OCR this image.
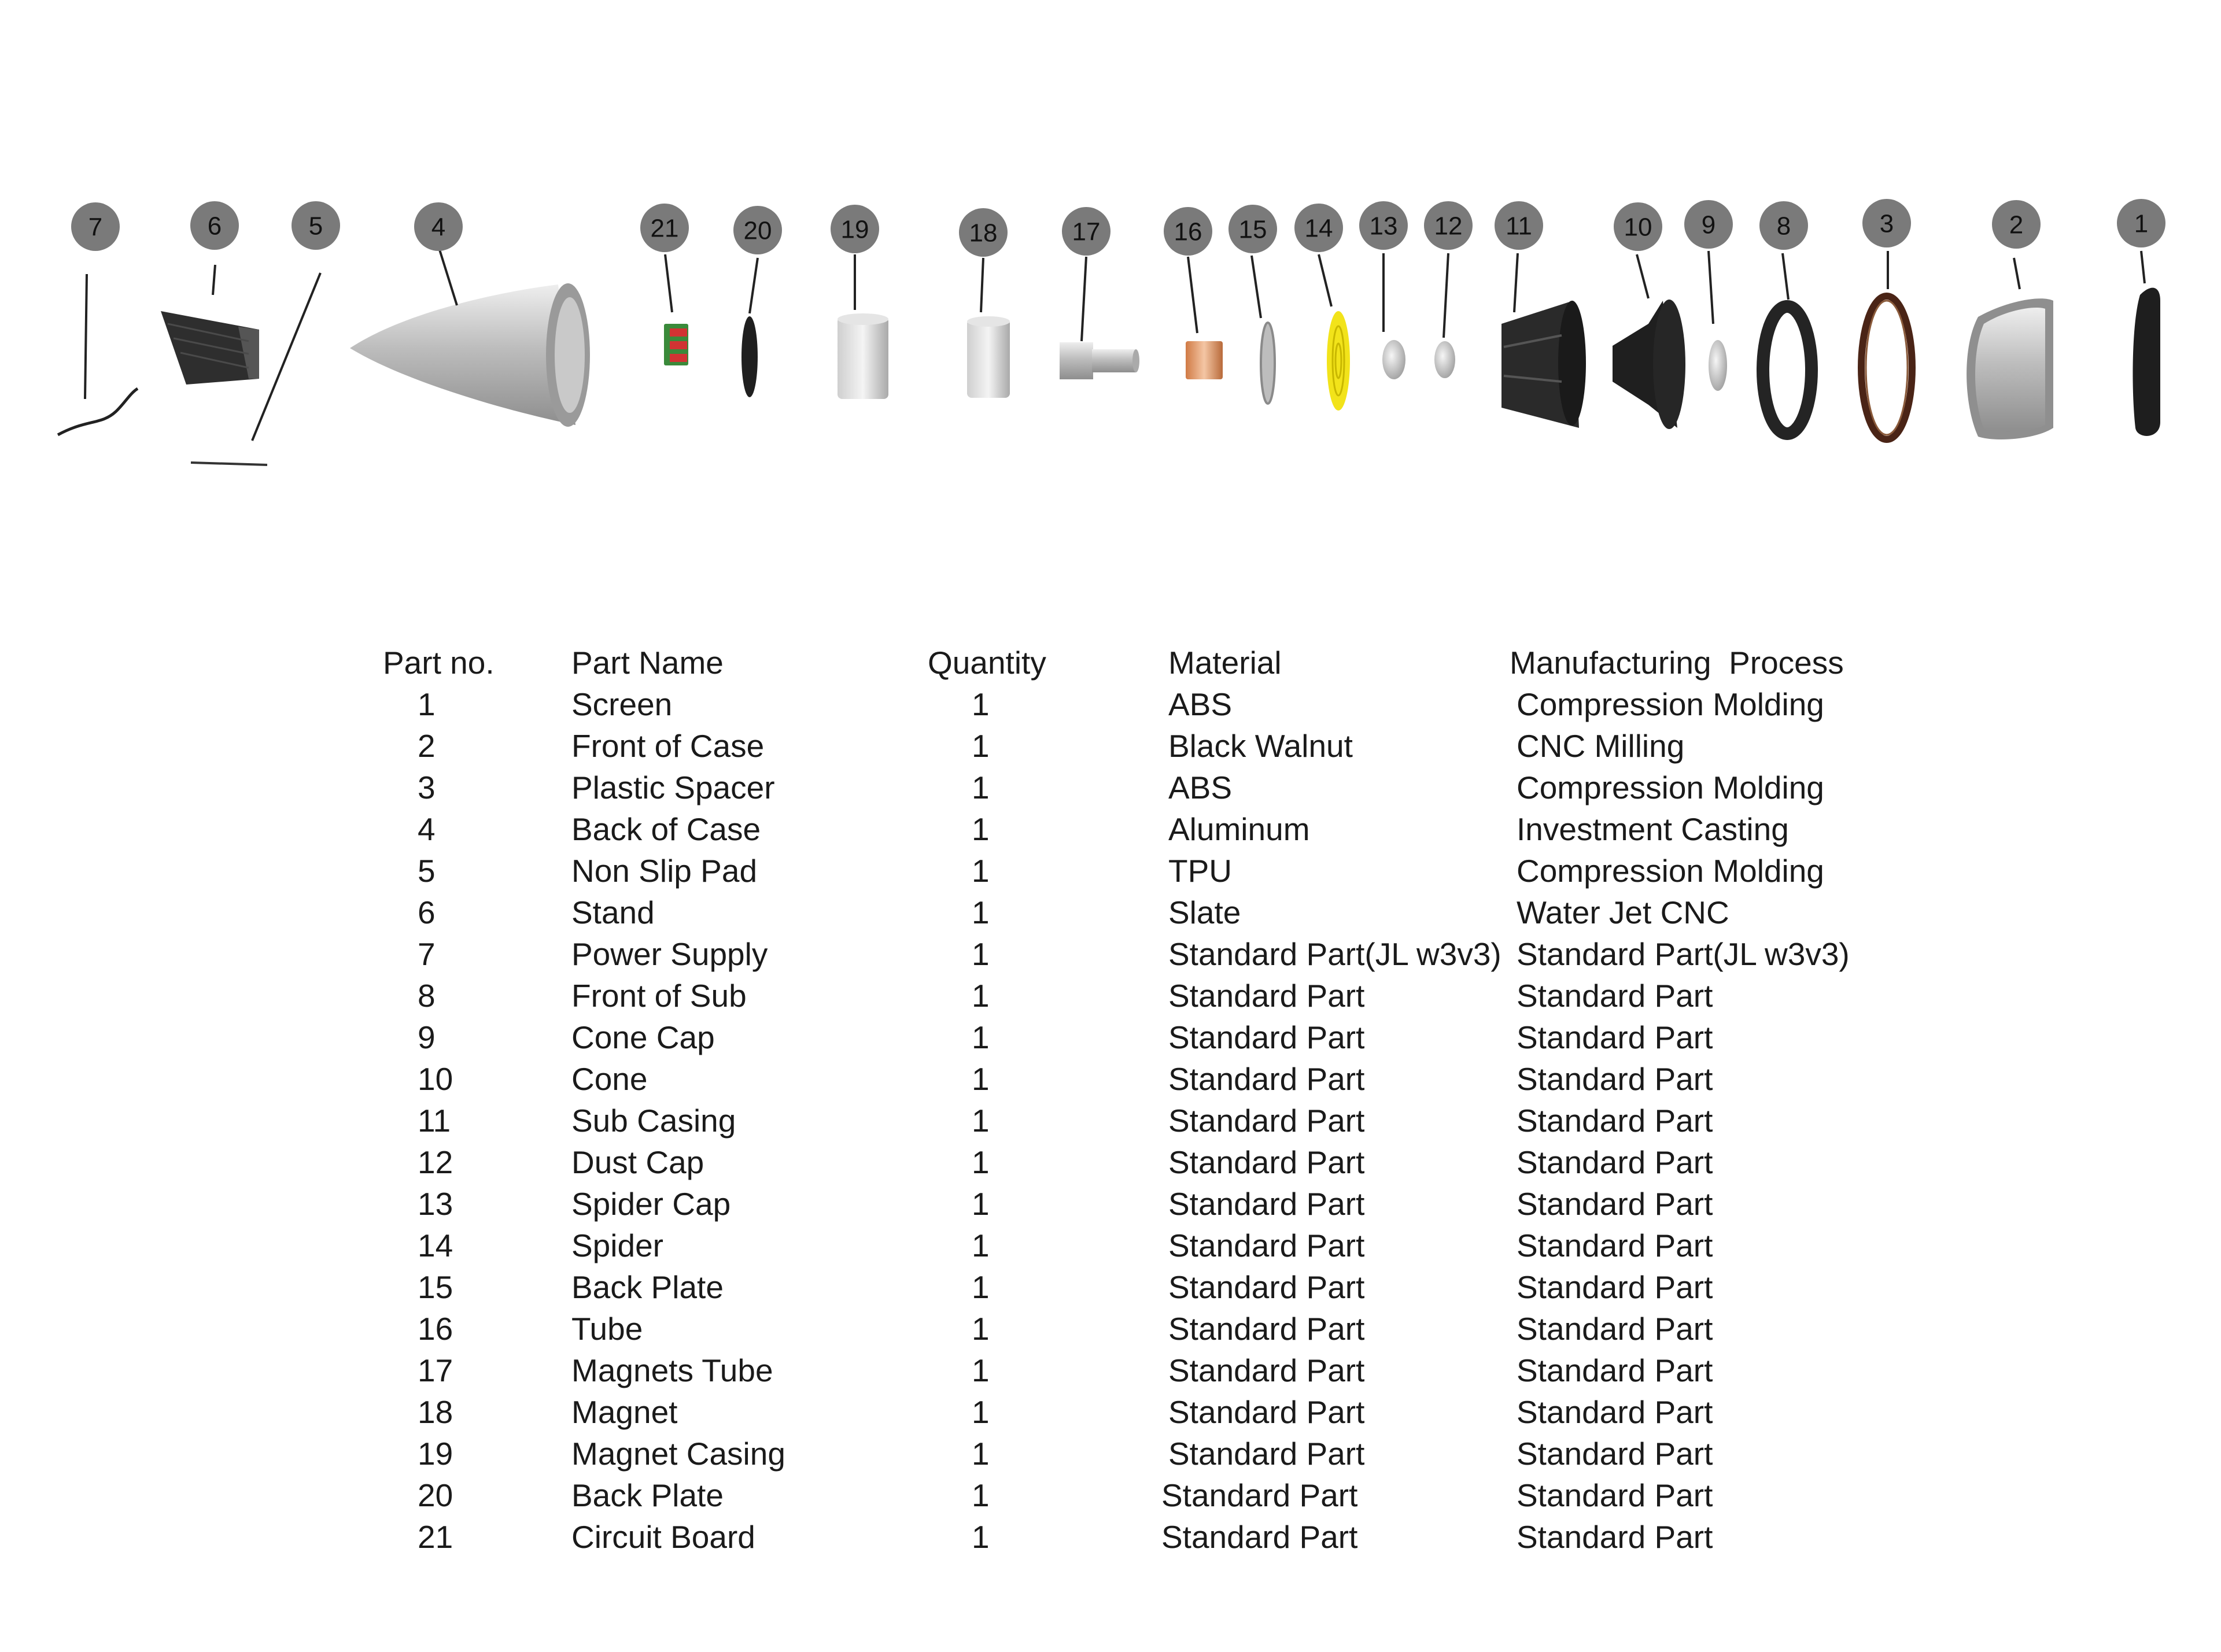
7	6	5	4	21	20	19	18	17	16 15 14 13 12 11	10 9 8	3	2	1
Part no. Part Name	Quantity	Material	Manufacturing  Process
1	Screen	1	ABS	Compression Molding
2	Front of Case	1	Black Walnut	CNC Milling
3	Plastic Spacer	1	ABS	Compression Molding
4	Back of Case	1	Aluminum	Investment Casting
5	Non Slip Pad	1	TPU	Compression Molding
6	Stand	1	Slate	Water Jet CNC
7	Power Supply	1	Standard Part(JL w3v3) Standard Part(JL w3v3)
8	Front of Sub	1	Standard Part	Standard Part
9	Cone Cap	1	Standard Part	Standard Part
10	Cone	1	Standard Part	Standard Part
11	Sub Casing	1	Standard Part	Standard Part
12	Dust Cap	1	Standard Part	Standard Part
13	Spider Cap	1	Standard Part	Standard Part
14	Spider	1	Standard Part	Standard Part
15	Back Plate	1	Standard Part	Standard Part
16	Tube	1	Standard Part	Standard Part
17	Magnets Tube	1	Standard Part	Standard Part
18	Magnet	1	Standard Part	Standard Part
19	Magnet Casing	1	Standard Part	Standard Part
20	Back Plate	1	Standard Part	Standard Part
21	Circuit Board	1	Standard Part	Standard Part
